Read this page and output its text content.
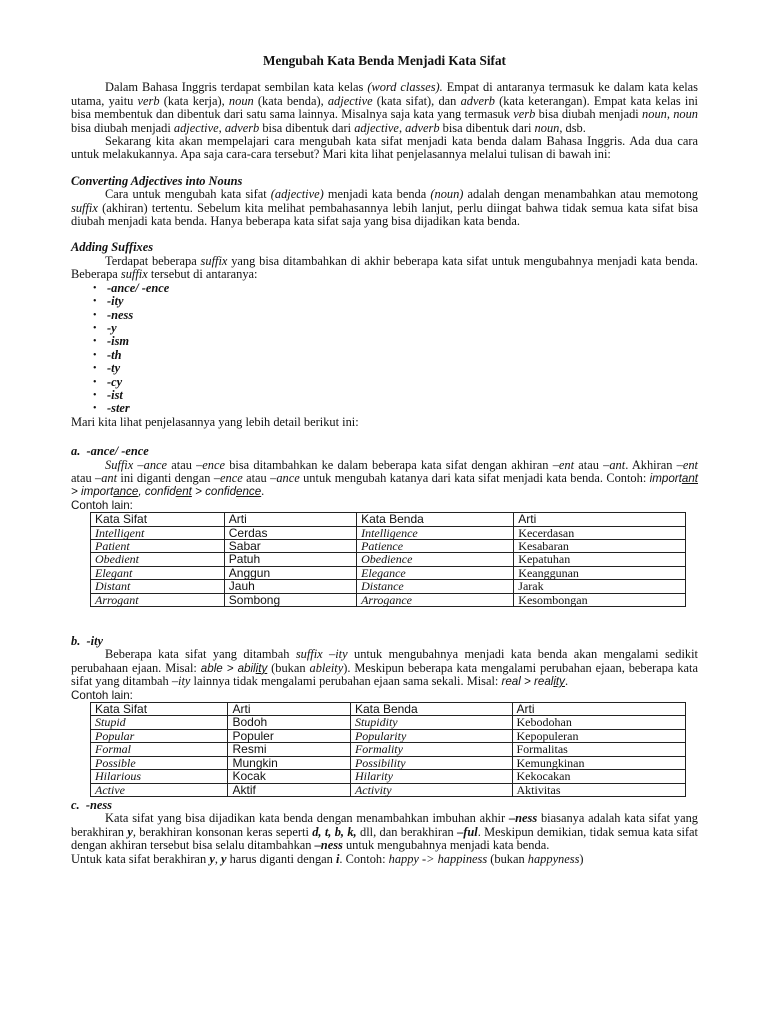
Mengubah Kata Benda Menjadi Kata Sifat

Dalam Bahasa Inggris terdapat sembilan kata kelas (word classes). Empat di antaranya termasuk ke dalam kata kelas utama, yaitu verb (kata kerja), noun (kata benda), adjective (kata sifat), dan adverb (kata keterangan). Empat kata kelas ini bisa membentuk dan dibentuk dari satu sama lainnya. Misalnya saja kata yang termasuk verb bisa diubah menjadi noun, noun bisa diubah menjadi adjective, adverb bisa dibentuk dari adjective, adverb bisa dibentuk dari noun, dsb.

Sekarang kita akan mempelajari cara mengubah kata sifat menjadi kata benda dalam Bahasa Inggris. Ada dua cara untuk melakukannya. Apa saja cara-cara tersebut? Mari kita lihat penjelasannya melalui tulisan di bawah ini:

Converting Adjectives into Nouns

Cara untuk mengubah kata sifat (adjective) menjadi kata benda (noun) adalah dengan menambahkan atau memotong suffix (akhiran) tertentu. Sebelum kita melihat pembahasannya lebih lanjut, perlu diingat bahwa tidak semua kata sifat bisa diubah menjadi kata benda. Hanya beberapa kata sifat saja yang bisa dijadikan kata benda.

Adding Suffixes

Terdapat beberapa suffix yang bisa ditambahkan di akhir beberapa kata sifat untuk mengubahnya menjadi kata benda. Beberapa suffix tersebut di antaranya:

• -ance/ -ence
• -ity
• -ness
• -y
• -ism
• -th
• -ty
• -cy
• -ist
• -ster

Mari kita lihat penjelasannya yang lebih detail berikut ini:

a. -ance/ -ence

Suffix –ance atau –ence bisa ditambahkan ke dalam beberapa kata sifat dengan akhiran –ent atau –ant. Akhiran –ent atau –ant ini diganti dengan –ence atau –ance untuk mengubah katanya dari kata sifat menjadi kata benda. Contoh: important > importance, confident > confidence.

Contoh lain:
Kata Sifat	Arti	Kata Benda	Arti
Intelligent	Cerdas	Intelligence	Kecerdasan
Patient	Sabar	Patience	Kesabaran
Obedient	Patuh	Obedience	Kepatuhan
Elegant	Anggun	Elegance	Keanggunan
Distant	Jauh	Distance	Jarak
Arrogant	Sombong	Arrogance	Kesombongan
b. -ity

Beberapa kata sifat yang ditambah suffix –ity untuk mengubahnya menjadi kata benda akan mengalami sedikit perubahaan ejaan. Misal: able > ability (bukan ableity). Meskipun beberapa kata mengalami perubahan ejaan, beberapa kata sifat yang ditambah –ity lainnya tidak mengalami perubahan ejaan sama sekali. Misal: real > reality.

Contoh lain:
Kata Sifat	Arti	Kata Benda	Arti
Stupid	Bodoh	Stupidity	Kebodohan
Popular	Populer	Popularity	Kepopuleran
Formal	Resmi	Formality	Formalitas
Possible	Mungkin	Possibility	Kemungkinan
Hilarious	Kocak	Hilarity	Kekocakan
Active	Aktif	Activity	Aktivitas
c. -ness

Kata sifat yang bisa dijadikan kata benda dengan menambahkan imbuhan akhir –ness biasanya adalah kata sifat yang berakhiran y, berakhiran konsonan keras seperti d, t, b, k, dll, dan berakhiran –ful. Meskipun demikian, tidak semua kata sifat dengan akhiran tersebut bisa selalu ditambahkan –ness untuk mengubahnya menjadi kata benda.

Untuk kata sifat berakhiran y, y harus diganti dengan i. Contoh: happy -> happiness (bukan happyness)
